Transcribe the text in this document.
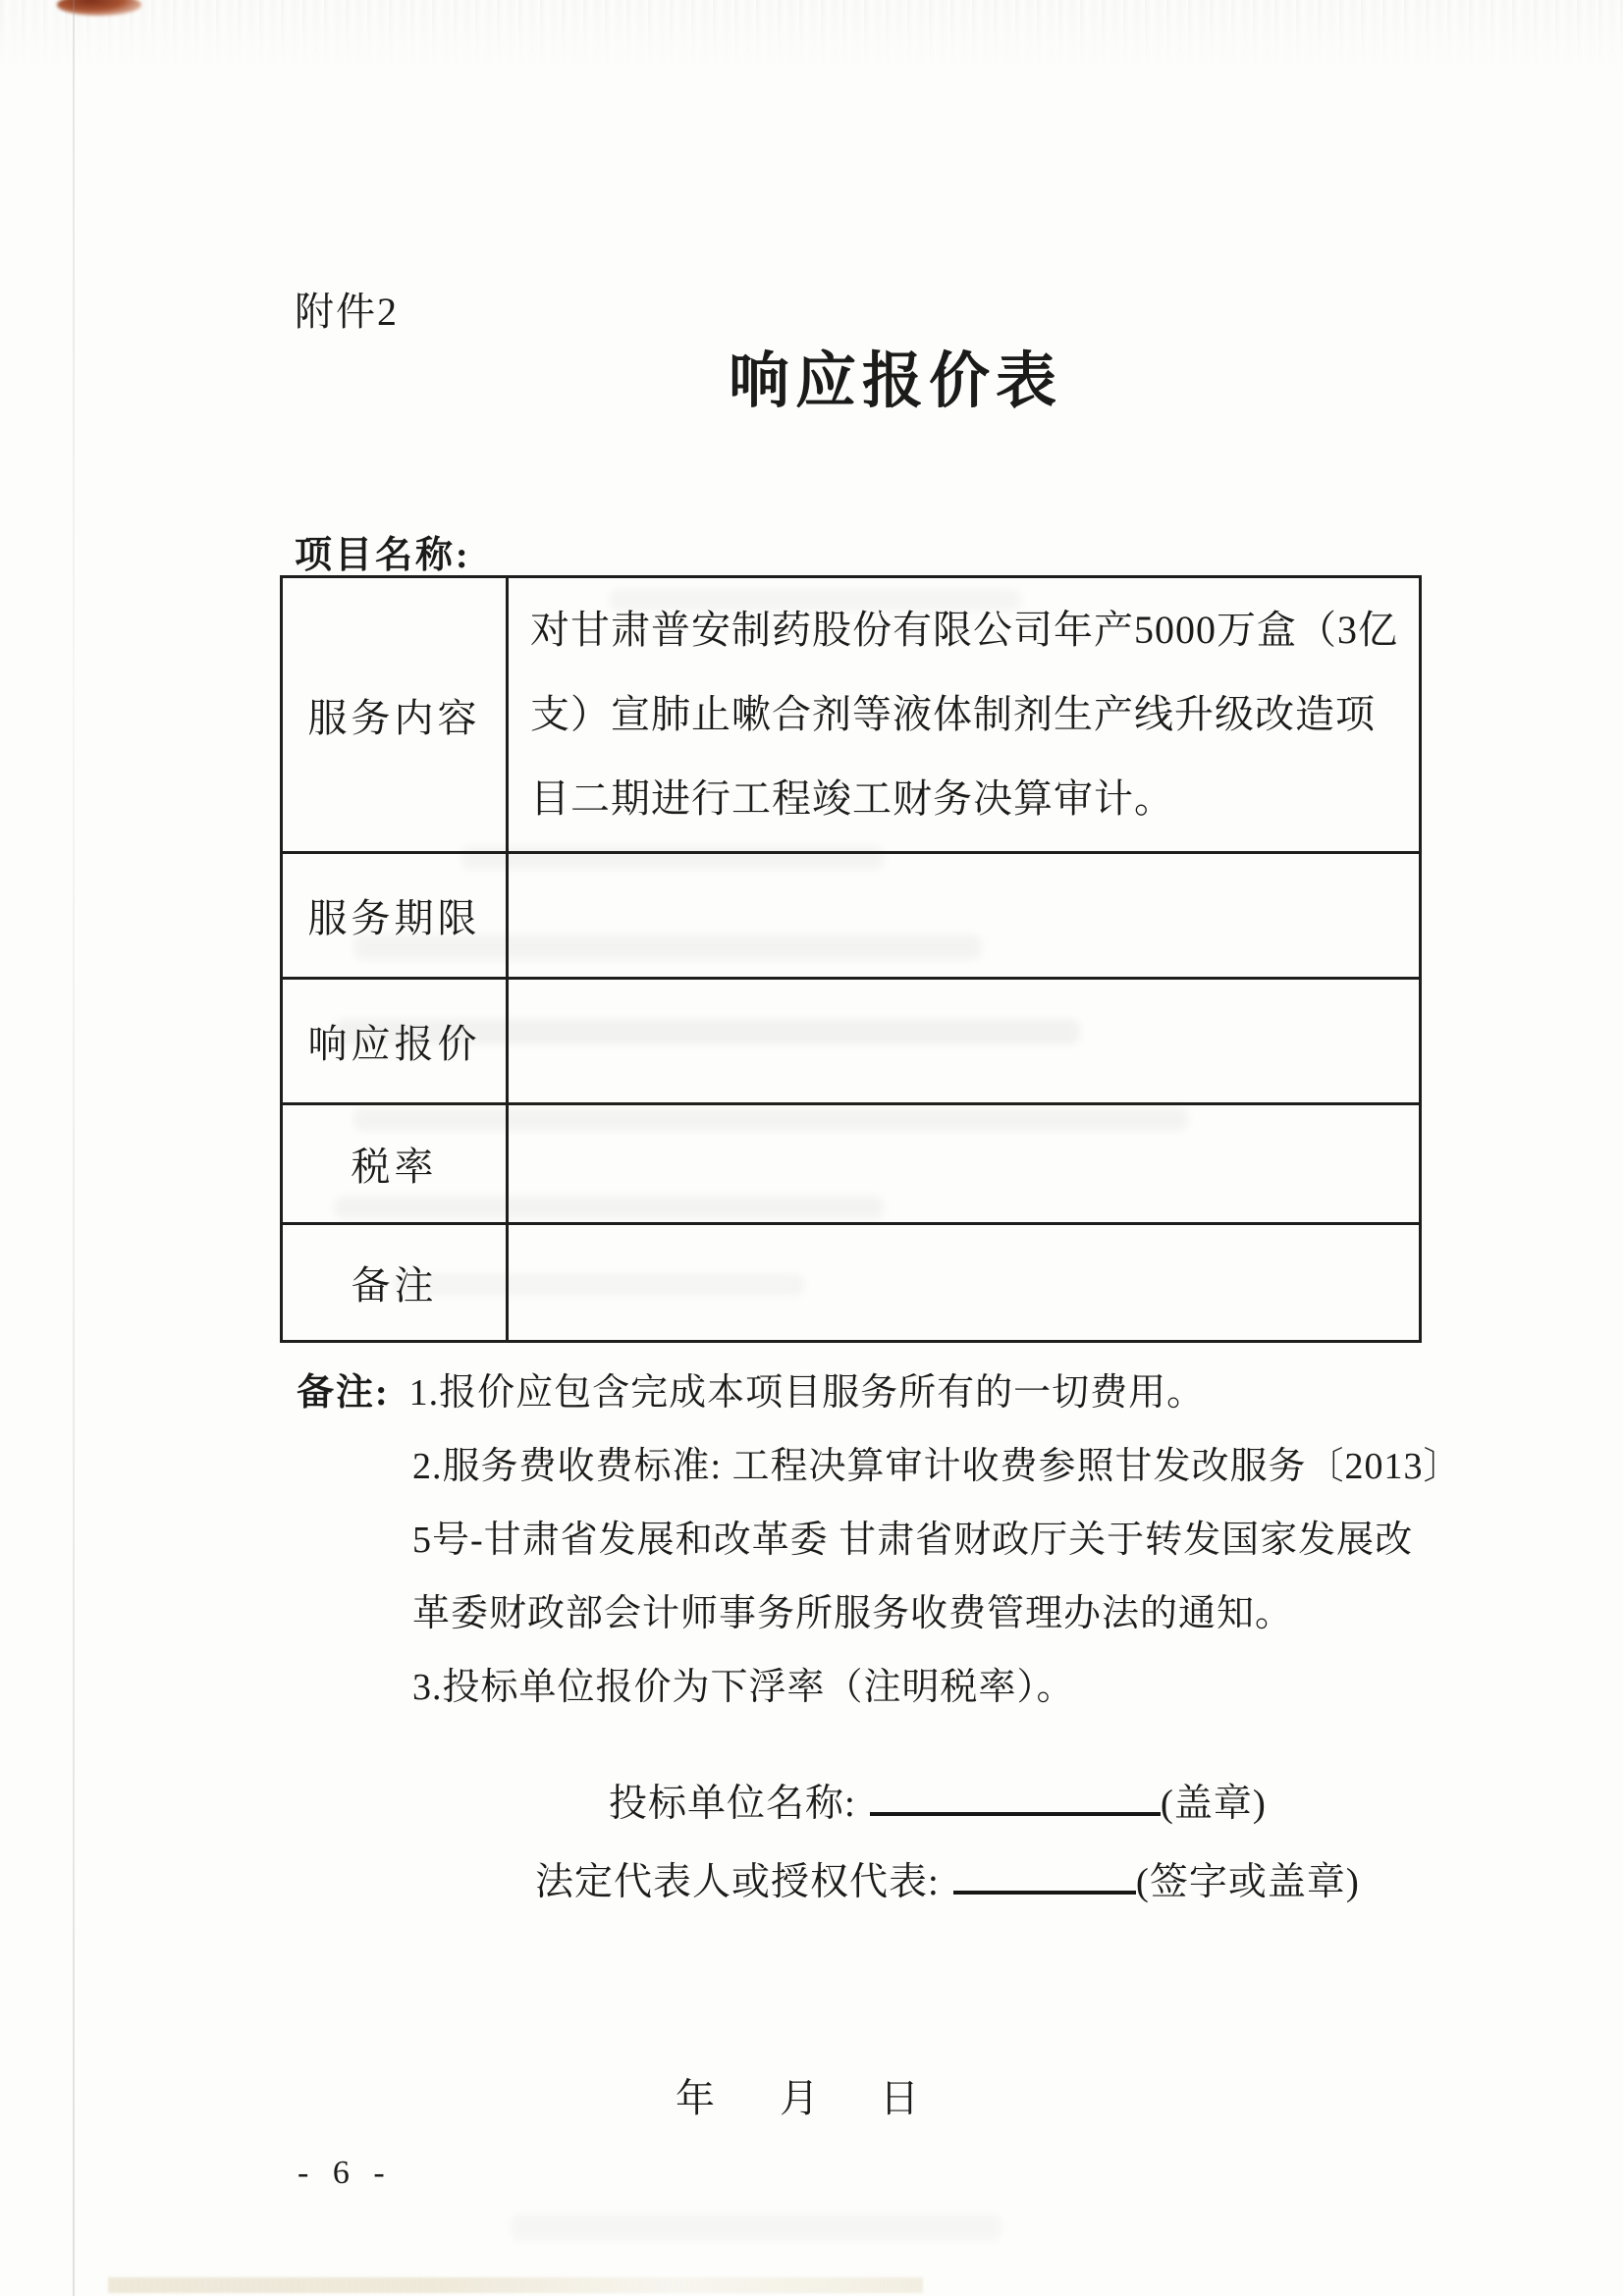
附件2
响应报价表
项目名称:
服务内容	对甘肃普安制药股份有限公司年产5000万盒（3亿支）宣肺止嗽合剂等液体制剂生产线升级改造项目二期进行工程竣工财务决算审计。
服务期限	
响应报价	
税率	
备注	
备注: 1.报价应包含完成本项目服务所有的一切费用。
2.服务费收费标准: 工程决算审计收费参照甘发改服务〔2013〕
5号-甘肃省发展和改革委 甘肃省财政厅关于转发国家发展改
革委财政部会计师事务所服务收费管理办法的通知。
3.投标单位报价为下浮率（注明税率）。
投标单位名称:	(盖章)
法定代表人或授权代表:	(签字或盖章)
年 月 日
- 6 -
